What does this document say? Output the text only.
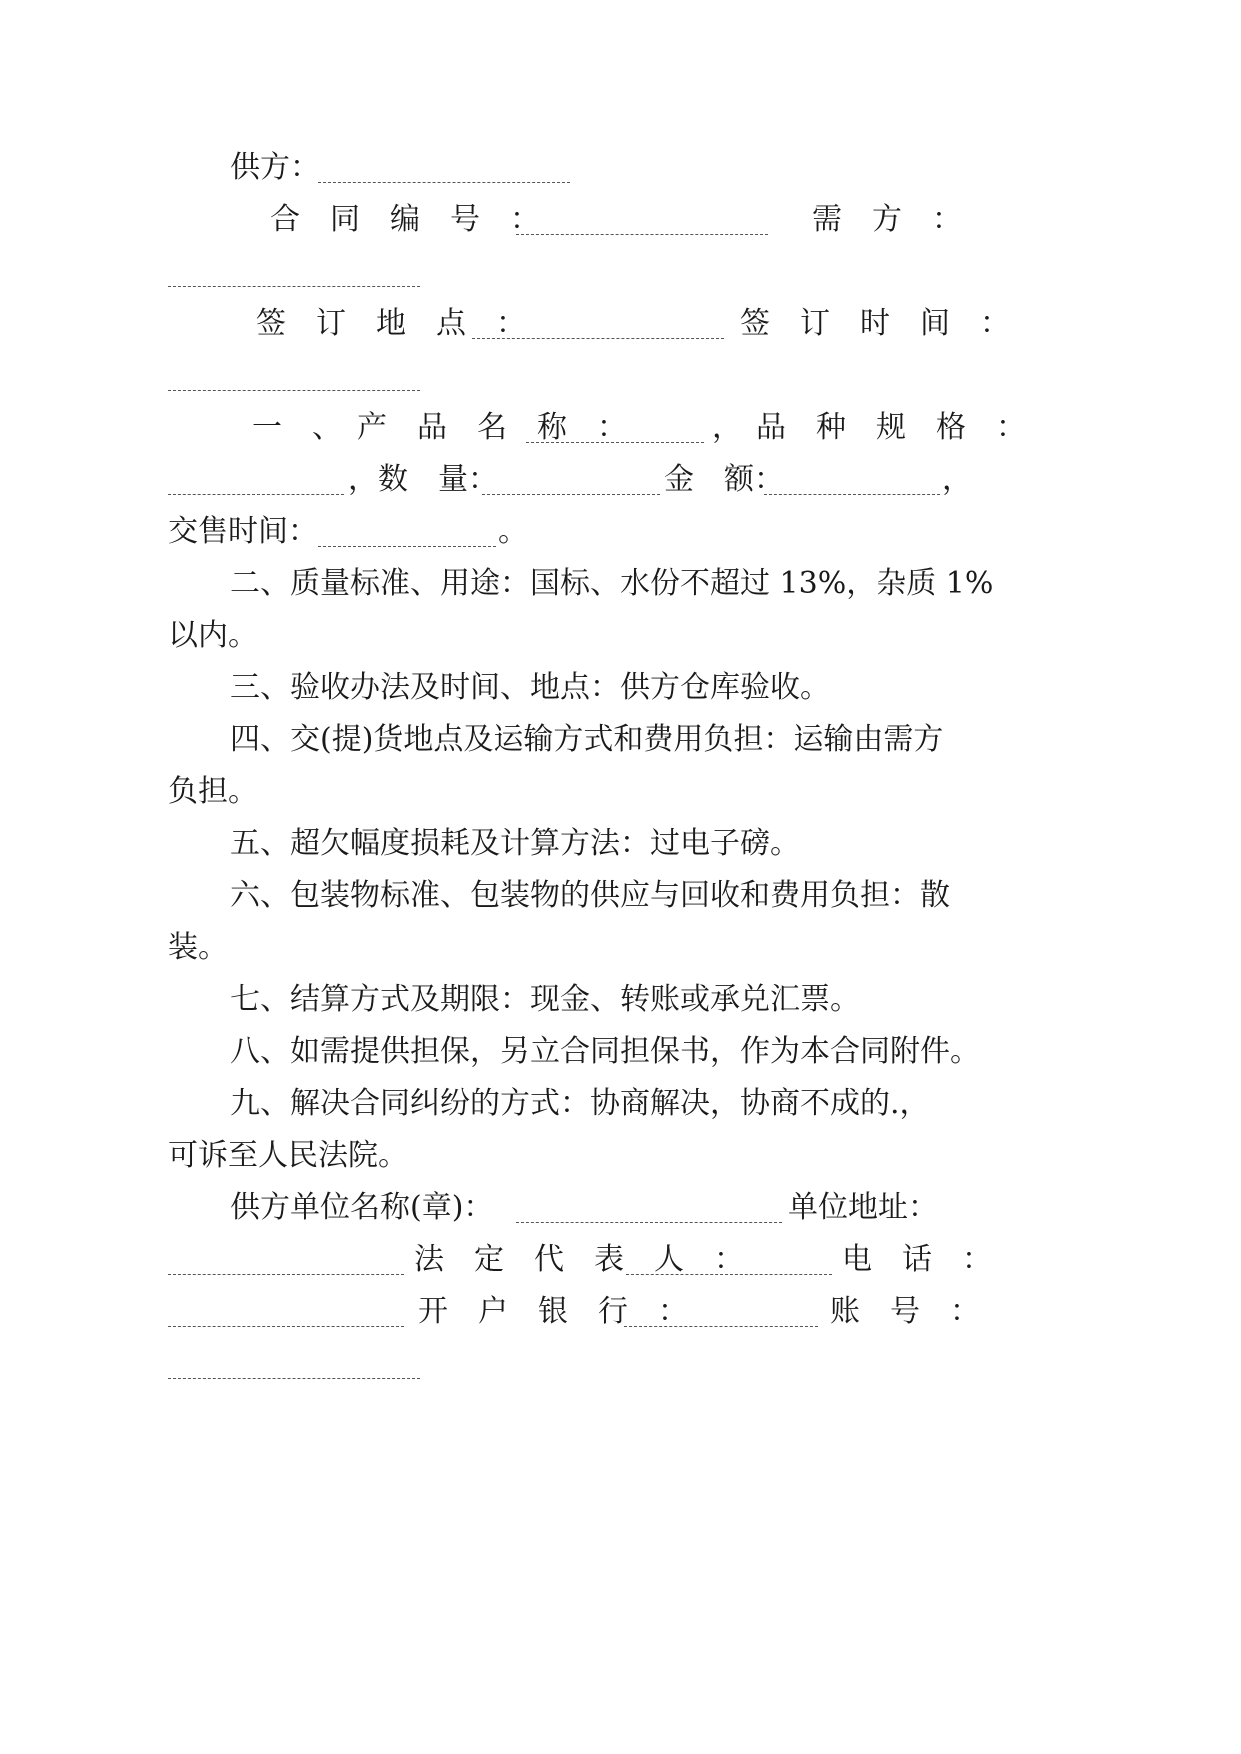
供方：
合　同　编　号　：	需　方　：
签　订　地　点　：	签　订　时　间　：
一　、　产　品　名　称　：	， 品　种　规　格　：
，数　量：	金　额：	，
交售时间：	。
二、质量标准、用途：国标、水份不超过 13%，杂质 1%
以内。
三、验收办法及时间、地点：供方仓库验收。
四、交(提)货地点及运输方式和费用负担：运输由需方
负担。
五、超欠幅度损耗及计算方法：过电子磅。
六、包装物标准、包装物的供应与回收和费用负担：散
装。
七、结算方式及期限：现金、转账或承兑汇票。
八、如需提供担保，另立合同担保书，作为本合同附件。
九、解决合同纠纷的方式：协商解决，协商不成的.，
可诉至人民法院。
供方单位名称(章)：	单位地址：
法　定　代　表　人　：	电　话　：
开　户　银　行　：	账　号　：
